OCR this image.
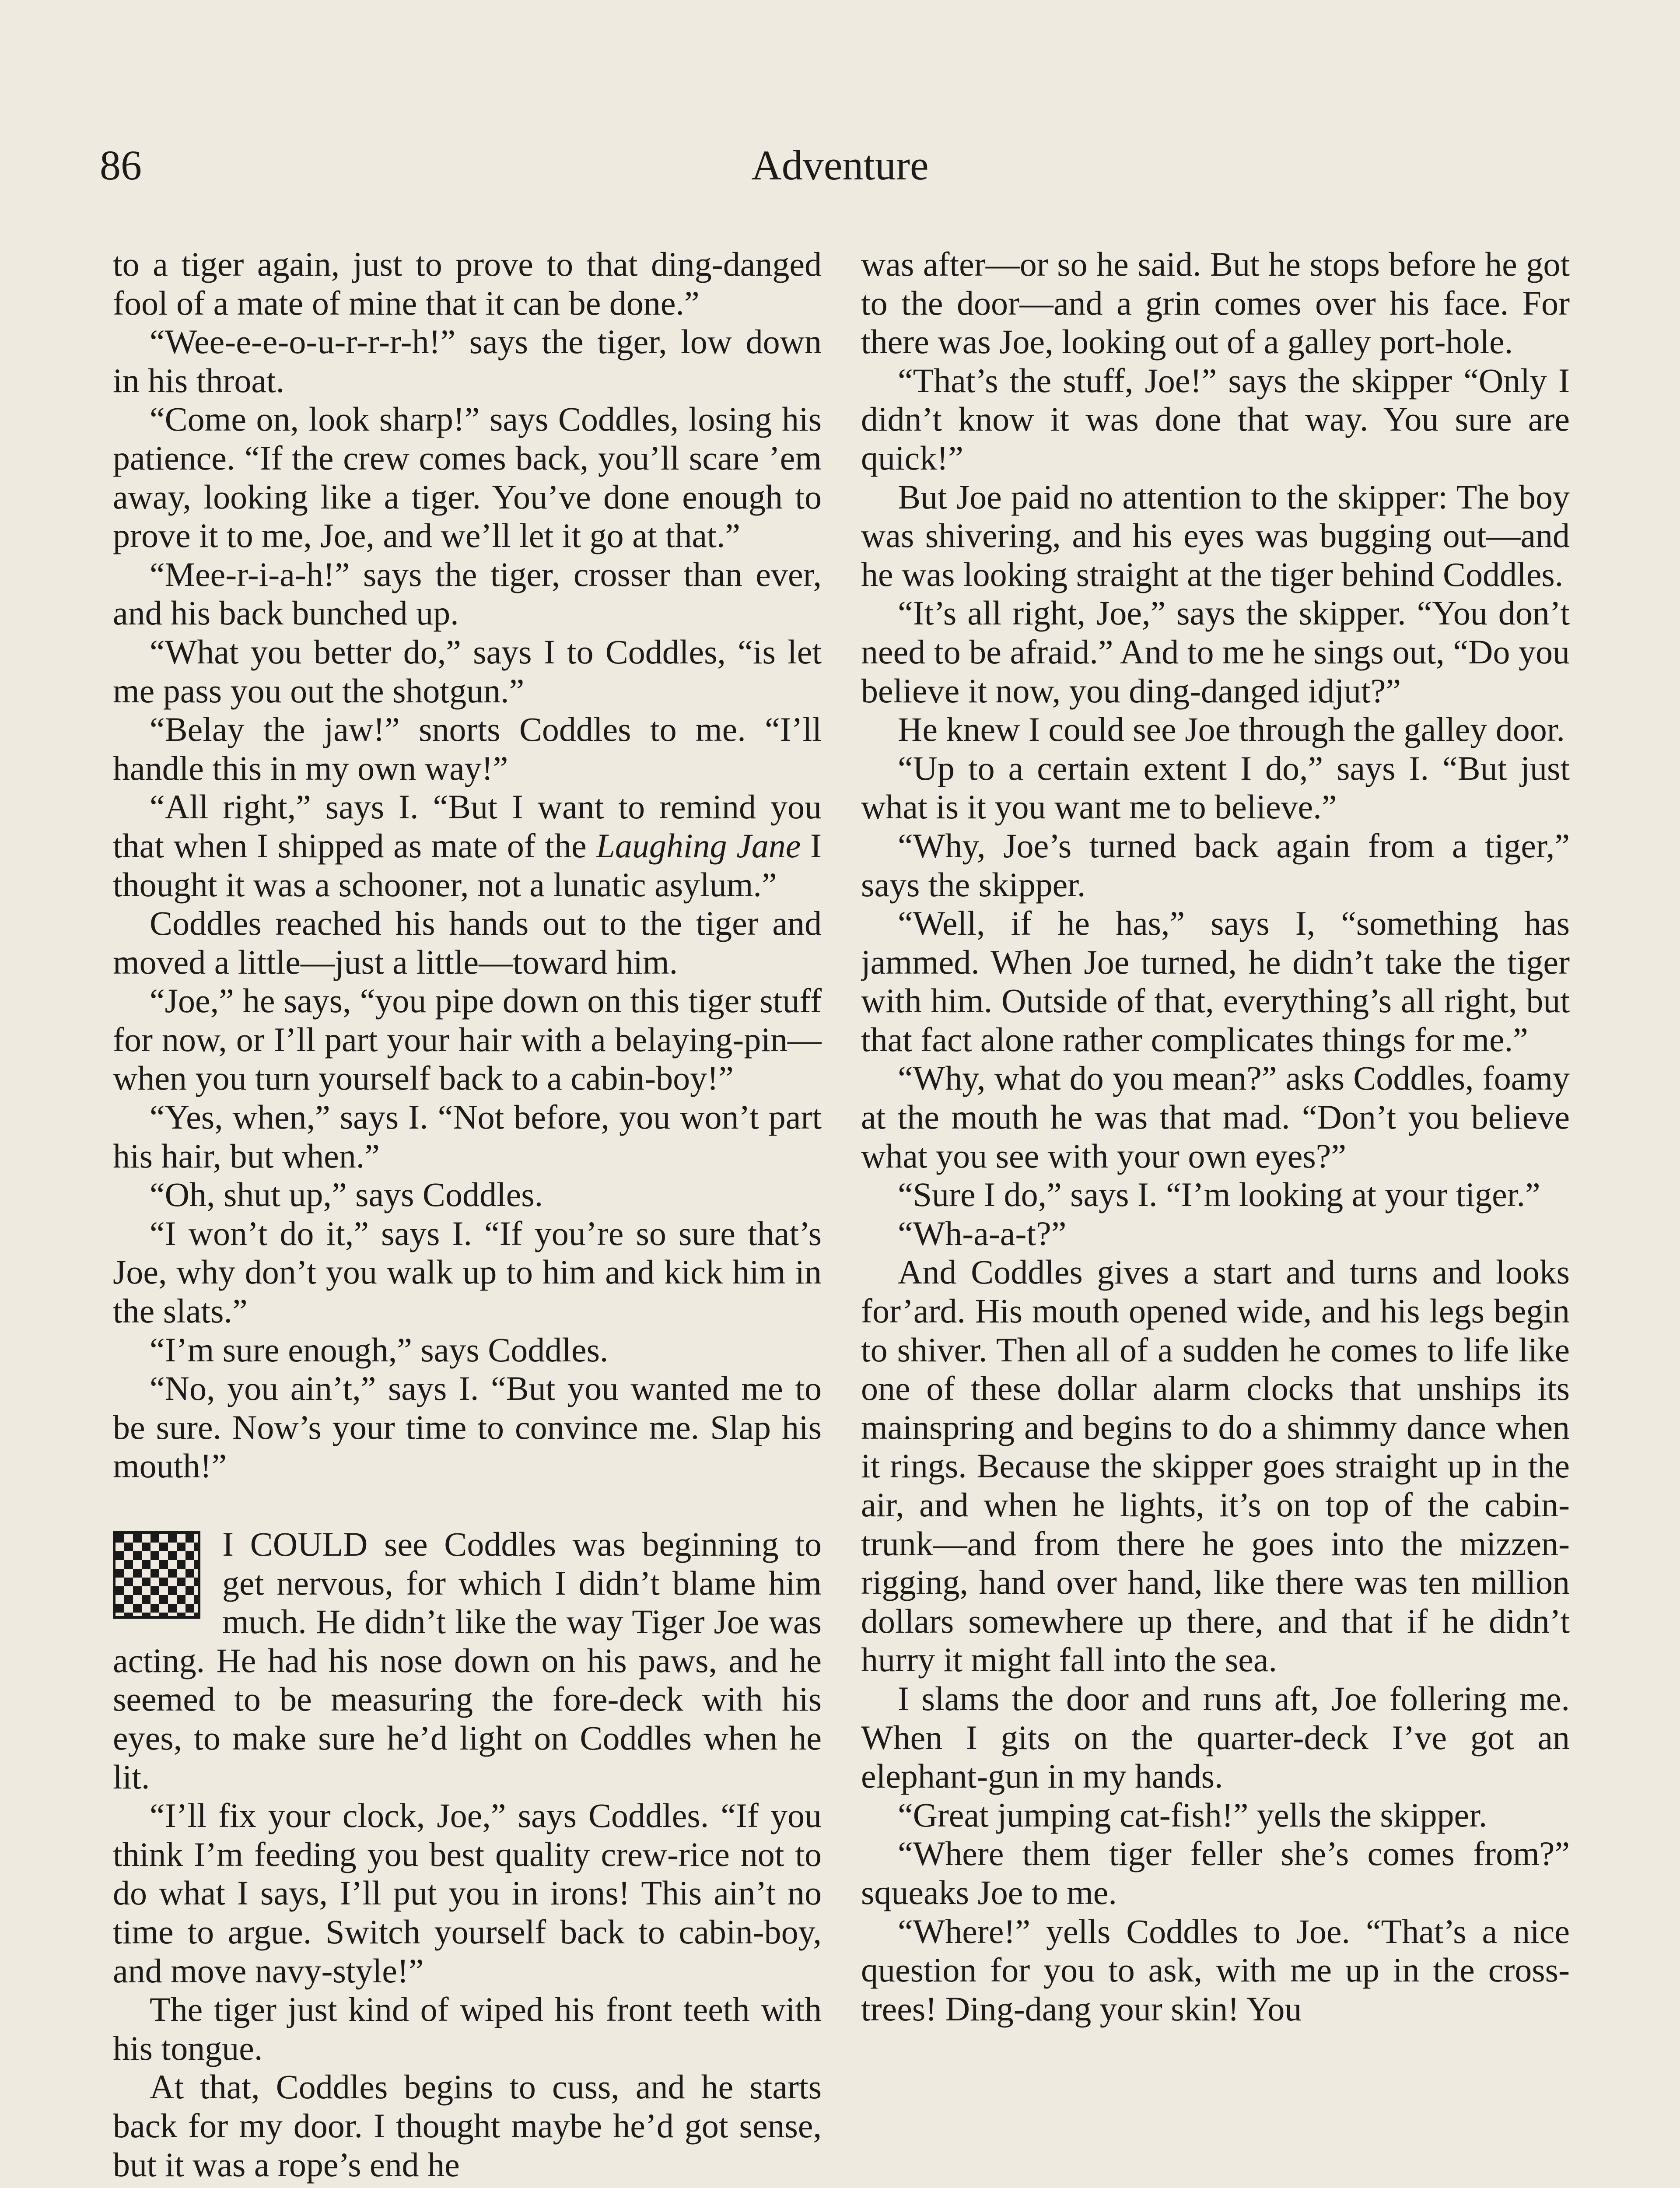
86	Adventure

to a tiger again, just to prove to that ding-danged fool of a mate of mine that it can be done.”

“Wee-e-e-o-u-r-r-r-h!” says the tiger, low down in his throat.

“Come on, look sharp!” says Coddles, losing his patience. “If the crew comes back, you’ll scare ’em away, looking like a tiger. You’ve done enough to prove it to me, Joe, and we’ll let it go at that.”

“Mee-r-i-a-h!” says the tiger, crosser than ever, and his back bunched up.

“What you better do,” says I to Coddles, “is let me pass you out the shotgun.”

“Belay the jaw!” snorts Coddles to me. “I’ll handle this in my own way!”

“All right,” says I. “But I want to remind you that when I shipped as mate of the Laughing Jane I thought it was a schooner, not a lunatic asylum.”

Coddles reached his hands out to the tiger and moved a little—just a little—toward him.

“Joe,” he says, “you pipe down on this tiger stuff for now, or I’ll part your hair with a belaying-pin—when you turn yourself back to a cabin-boy!”

“Yes, when,” says I. “Not before, you won’t part his hair, but when.”

“Oh, shut up,” says Coddles.

“I won’t do it,” says I. “If you’re so sure that’s Joe, why don’t you walk up to him and kick him in the slats.”

“I’m sure enough,” says Coddles.

“No, you ain’t,” says I. “But you wanted me to be sure. Now’s your time to convince me. Slap his mouth!”

I COULD see Coddles was beginning to get nervous, for which I didn’t blame him much. He didn’t like the way Tiger Joe was acting. He had his nose down on his paws, and he seemed to be measuring the fore-deck with his eyes, to make sure he’d light on Coddles when he lit.

“I’ll fix your clock, Joe,” says Coddles. “If you think I’m feeding you best quality crew-rice not to do what I says, I’ll put you in irons! This ain’t no time to argue. Switch yourself back to cabin-boy, and move navy-style!”

The tiger just kind of wiped his front teeth with his tongue.

At that, Coddles begins to cuss, and he starts back for my door. I thought maybe he’d got sense, but it was a rope’s end he

was after—or so he said. But he stops before he got to the door—and a grin comes over his face. For there was Joe, looking out of a galley port-hole.

“That’s the stuff, Joe!” says the skipper “Only I didn’t know it was done that way. You sure are quick!”

But Joe paid no attention to the skipper: The boy was shivering, and his eyes was bugging out—and he was looking straight at the tiger behind Coddles.

“It’s all right, Joe,” says the skipper. “You don’t need to be afraid.” And to me he sings out, “Do you believe it now, you ding-danged idjut?”

He knew I could see Joe through the galley door.

“Up to a certain extent I do,” says I. “But just what is it you want me to believe.”

“Why, Joe’s turned back again from a tiger,” says the skipper.

“Well, if he has,” says I, “something has jammed. When Joe turned, he didn’t take the tiger with him. Outside of that, everything’s all right, but that fact alone rather complicates things for me.”

“Why, what do you mean?” asks Coddles, foamy at the mouth he was that mad. “Don’t you believe what you see with your own eyes?”

“Sure I do,” says I. “I’m looking at your tiger.”

“Wh-a-a-t?”

And Coddles gives a start and turns and looks for’ard. His mouth opened wide, and his legs begin to shiver. Then all of a sudden he comes to life like one of these dollar alarm clocks that unships its mainspring and begins to do a shimmy dance when it rings. Because the skipper goes straight up in the air, and when he lights, it’s on top of the cabin-trunk—and from there he goes into the mizzen-rigging, hand over hand, like there was ten million dollars somewhere up there, and that if he didn’t hurry it might fall into the sea.

I slams the door and runs aft, Joe follering me. When I gits on the quarter-deck I’ve got an elephant-gun in my hands.

“Great jumping cat-fish!” yells the skipper.

“Where them tiger feller she’s comes from?” squeaks Joe to me.

“Where!” yells Coddles to Joe. “That’s a nice question for you to ask, with me up in the cross-trees! Ding-dang your skin! You
